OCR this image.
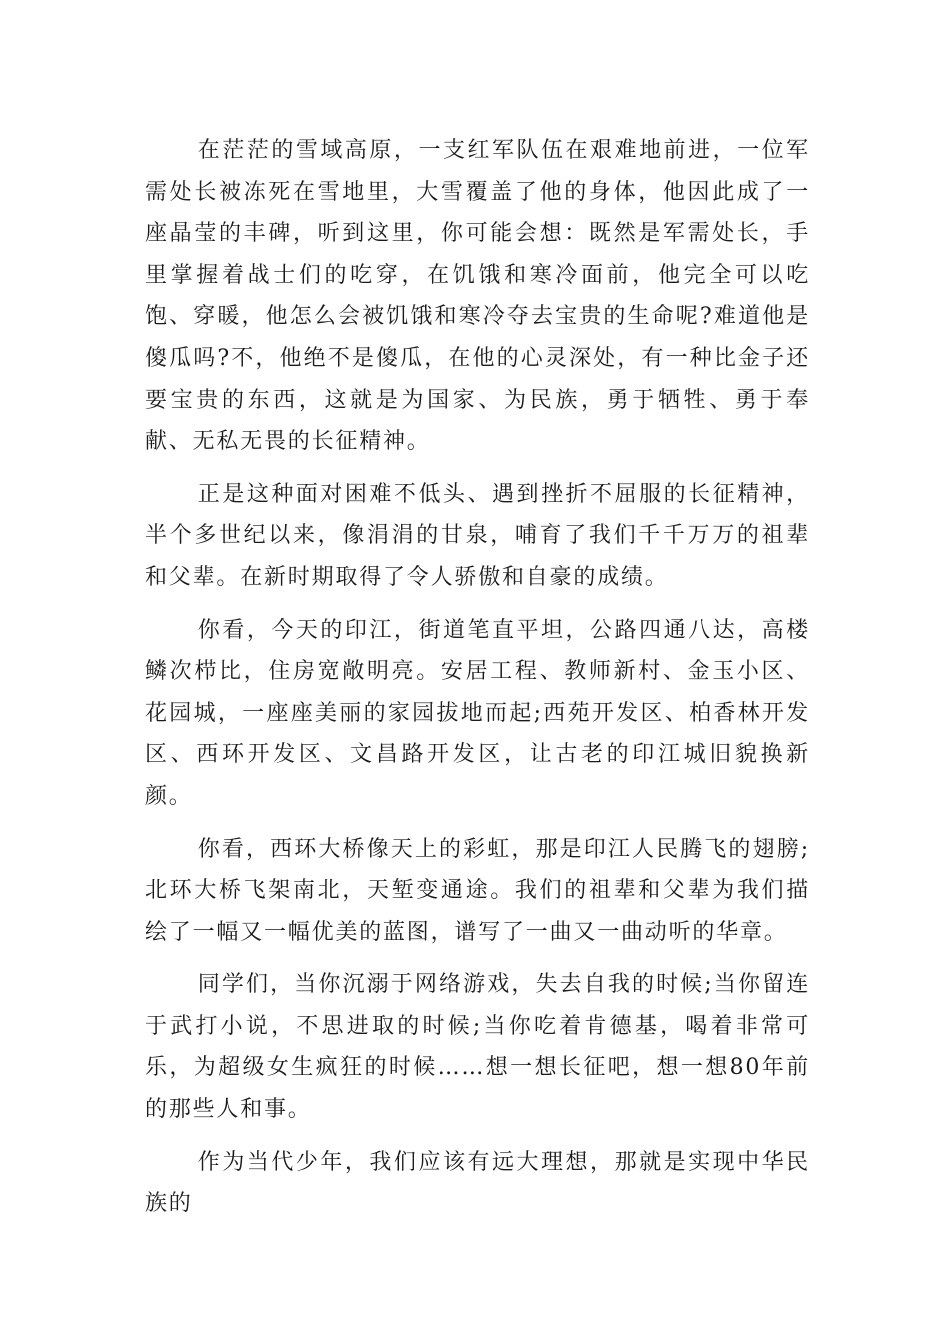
在茫茫的雪域高原，一支红军队伍在艰难地前进，一位军需处长被冻死在雪地里，大雪覆盖了他的身体，他因此成了一座晶莹的丰碑，听到这里，你可能会想：既然是军需处长，手里掌握着战士们的吃穿，在饥饿和寒冷面前，他完全可以吃饱、穿暖，他怎么会被饥饿和寒冷夺去宝贵的生命呢?难道他是傻瓜吗?不，他绝不是傻瓜，在他的心灵深处，有一种比金子还要宝贵的东西，这就是为国家、为民族，勇于牺牲、勇于奉献、无私无畏的长征精神。

正是这种面对困难不低头、遇到挫折不屈服的长征精神，半个多世纪以来，像涓涓的甘泉，哺育了我们千千万万的祖辈和父辈。在新时期取得了令人骄傲和自豪的成绩。

你看，今天的印江，街道笔直平坦，公路四通八达，高楼鳞次栉比，住房宽敞明亮。安居工程、教师新村、金玉小区、花园城，一座座美丽的家园拔地而起;西苑开发区、柏香林开发区、西环开发区、文昌路开发区，让古老的印江城旧貌换新颜。

你看，西环大桥像天上的彩虹，那是印江人民腾飞的翅膀;北环大桥飞架南北，天堑变通途。我们的祖辈和父辈为我们描绘了一幅又一幅优美的蓝图，谱写了一曲又一曲动听的华章。

同学们，当你沉溺于网络游戏，失去自我的时候;当你留连于武打小说，不思进取的时候;当你吃着肯德基，喝着非常可乐，为超级女生疯狂的时候……想一想长征吧，想一想80年前的那些人和事。

作为当代少年，我们应该有远大理想，那就是实现中华民族的
